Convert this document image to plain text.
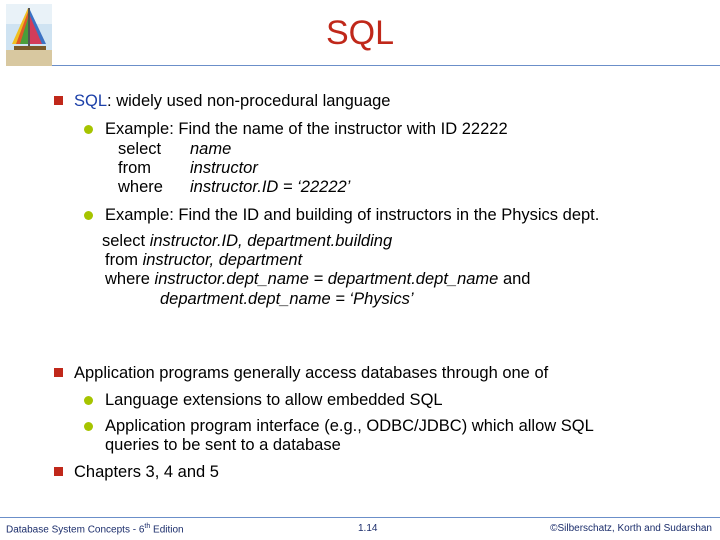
SQL
SQL: widely used non-procedural language
Example: Find the name of the instructor with ID 22222
select name
from instructor
where instructor.ID = ‘22222’
Example: Find the ID and building of instructors in the Physics dept.
select instructor.ID, department.building
from instructor, department
where instructor.dept_name = department.dept_name and
department.dept_name = ‘Physics’
Application programs generally access databases through one of
Language extensions to allow embedded SQL
Application program interface (e.g., ODBC/JDBC) which allow SQL
queries to be sent to a database
Chapters 3, 4 and 5
Database System Concepts - 6th Edition	1.14	©Silberschatz, Korth and Sudarshan
